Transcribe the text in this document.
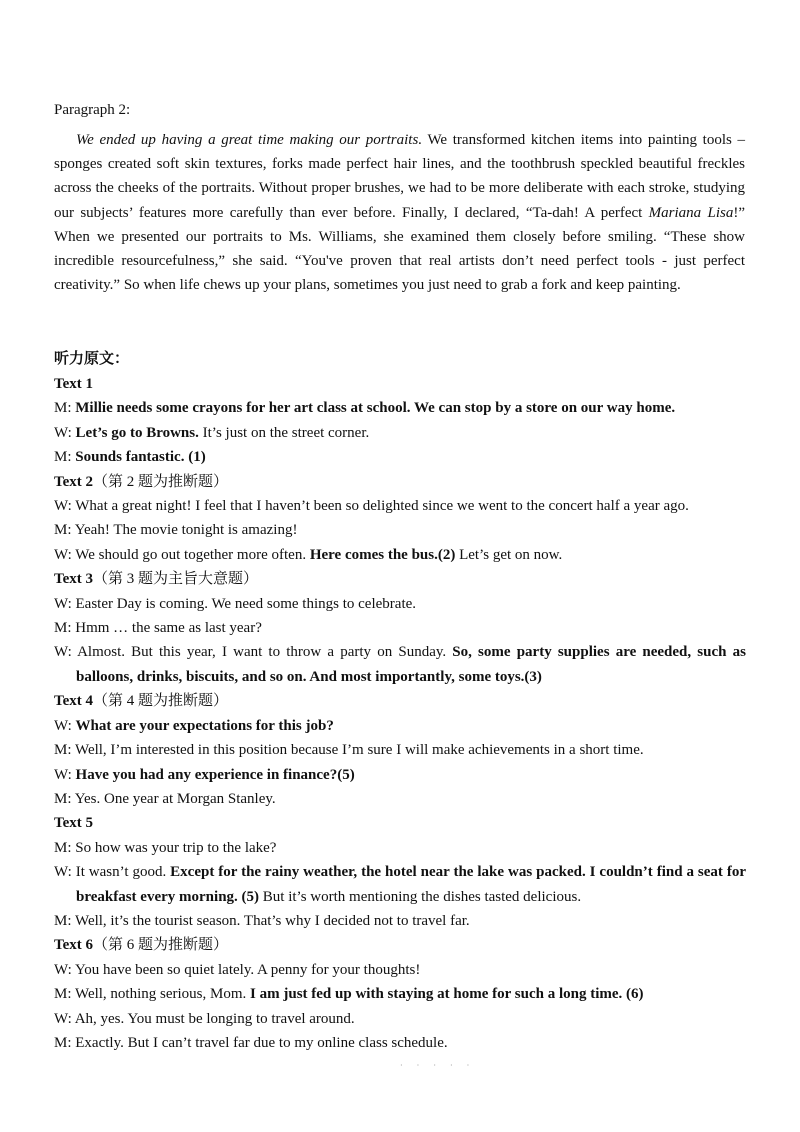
Paragraph 2:
We ended up having a great time making our portraits. We transformed kitchen items into painting tools – sponges created soft skin textures, forks made perfect hair lines, and the toothbrush speckled beautiful freckles across the cheeks of the portraits. Without proper brushes, we had to be more deliberate with each stroke, studying our subjects’ features more carefully than ever before. Finally, I declared, “Ta-dah! A perfect Mariana Lisa!” When we presented our portraits to Ms. Williams, she examined them closely before smiling. “These show incredible resourcefulness,” she said. “You've proven that real artists don’t need perfect tools - just perfect creativity.” So when life chews up your plans, sometimes you just need to grab a fork and keep painting.
听力原文：
Text 1
M: Millie needs some crayons for her art class at school. We can stop by a store on our way home.
W: Let’s go to Browns. It’s just on the street corner.
M: Sounds fantastic. (1)
Text 2（第 2 题为推断题）
W: What a great night! I feel that I haven’t been so delighted since we went to the concert half a year ago.
M: Yeah! The movie tonight is amazing!
W: We should go out together more often. Here comes the bus.(2) Let’s get on now.
Text 3（第 3 题为主旨大意题）
W: Easter Day is coming. We need some things to celebrate.
M: Hmm … the same as last year?
W: Almost. But this year, I want to throw a party on Sunday. So, some party supplies are needed, such as balloons, drinks, biscuits, and so on. And most importantly, some toys.(3)
Text 4（第 4 题为推断题）
W: What are your expectations for this job?
M: Well, I’m interested in this position because I’m sure I will make achievements in a short time.
W: Have you had any experience in finance?(5)
M: Yes. One year at Morgan Stanley.
Text 5
M: So how was your trip to the lake?
W: It wasn’t good. Except for the rainy weather, the hotel near the lake was packed. I couldn’t find a seat for breakfast every morning. (5) But it’s worth mentioning the dishes tasted delicious.
M: Well, it’s the tourist season. That’s why I decided not to travel far.
Text 6（第 6 题为推断题）
W: You have been so quiet lately. A penny for your thoughts!
M: Well, nothing serious, Mom. I am just fed up with staying at home for such a long time. (6)
W: Ah, yes. You must be longing to travel around.
M: Exactly. But I can’t travel far due to my online class schedule.
· · · · ·
